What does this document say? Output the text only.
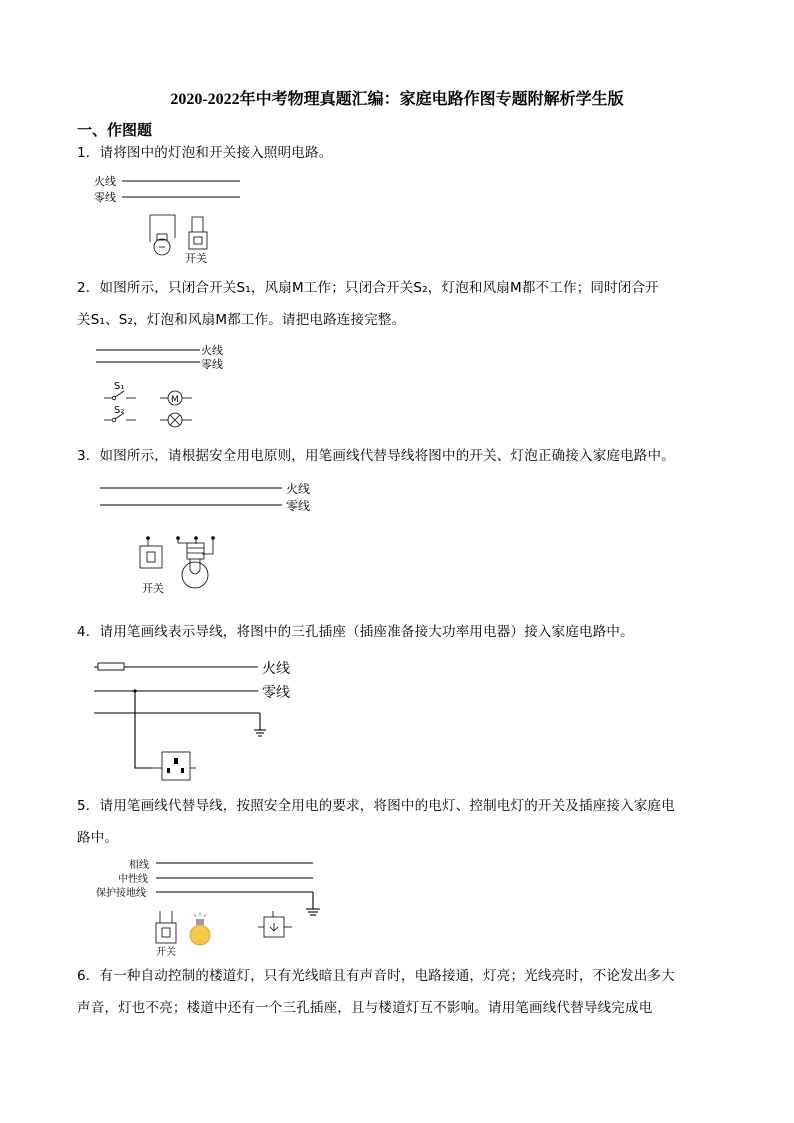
2020-2022年中考物理真题汇编：家庭电路作图专题附解析学生版
一、作图题
1．请将图中的灯泡和开关接入照明电路。
火线
零线
开关
2．如图所示，只闭合开关S₁，风扇M工作；只闭合开关S₂，灯泡和风扇M都不工作；同时闭合开
关S₁、S₂，灯泡和风扇M都工作。请把电路连接完整。
火线
零线
S₁
M
S₂
3．如图所示，请根据安全用电原则，用笔画线代替导线将图中的开关、灯泡正确接入家庭电路中。
火线
零线
开关
4．请用笔画线表示导线，将图中的三孔插座（插座准备接大功率用电器）接入家庭电路中。
火线
零线
5．请用笔画线代替导线，按照安全用电的要求，将图中的电灯、控制电灯的开关及插座接入家庭电
路中。
相线
中性线
保护接地线
开关
6．有一种自动控制的楼道灯，只有光线暗且有声音时，电路接通，灯亮；光线亮时，不论发出多大
声音，灯也不亮；楼道中还有一个三孔插座，且与楼道灯互不影响。请用笔画线代替导线完成电
